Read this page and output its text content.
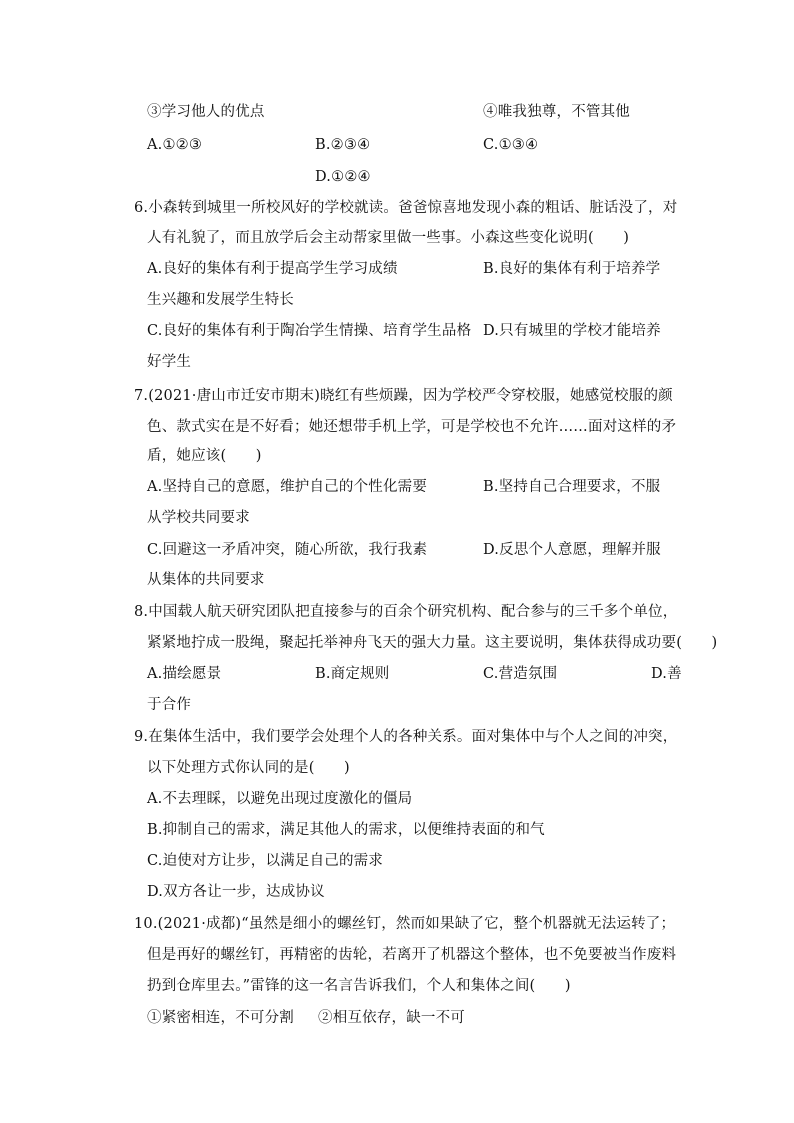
③学习他人的优点	④唯我独尊，不管其他
A.①②③	B.②③④	C.①③④
D.①②④
6.小森转到城里一所校风好的学校就读。爸爸惊喜地发现小森的粗话、脏话没了，对
人有礼貌了，而且放学后会主动帮家里做一些事。小森这些变化说明(　　)
A.良好的集体有利于提高学生学习成绩	B.良好的集体有利于培养学
生兴趣和发展学生特长
C.良好的集体有利于陶冶学生情操、培育学生品格 D.只有城里的学校才能培养
好学生
7.(2021·唐山市迁安市期末)晓红有些烦躁，因为学校严令穿校服，她感觉校服的颜
色、款式实在是不好看；她还想带手机上学，可是学校也不允许……面对这样的矛
盾，她应该(　　)
A.坚持自己的意愿，维护自己的个性化需要	B.坚持自己合理要求，不服
从学校共同要求
C.回避这一矛盾冲突，随心所欲，我行我素	D.反思个人意愿，理解并服
从集体的共同要求
8.中国载人航天研究团队把直接参与的百余个研究机构、配合参与的三千多个单位，
紧紧地拧成一股绳，聚起托举神舟飞天的强大力量。这主要说明，集体获得成功要(　　)
A.描绘愿景	B.商定规则	C.营造氛围	D.善
于合作
9.在集体生活中，我们要学会处理个人的各种关系。面对集体中与个人之间的冲突，
以下处理方式你认同的是(　　)
A.不去理睬，以避免出现过度激化的僵局
B.抑制自己的需求，满足其他人的需求，以便维持表面的和气
C.迫使对方让步，以满足自己的需求
D.双方各让一步，达成协议
10.(2021·成都)“虽然是细小的螺丝钉，然而如果缺了它，整个机器就无法运转了；
但是再好的螺丝钉，再精密的齿轮，若离开了机器这个整体，也不免要被当作废料
扔到仓库里去。”雷锋的这一名言告诉我们，个人和集体之间(　　)
①紧密相连，不可分割 ②相互依存，缺一不可
